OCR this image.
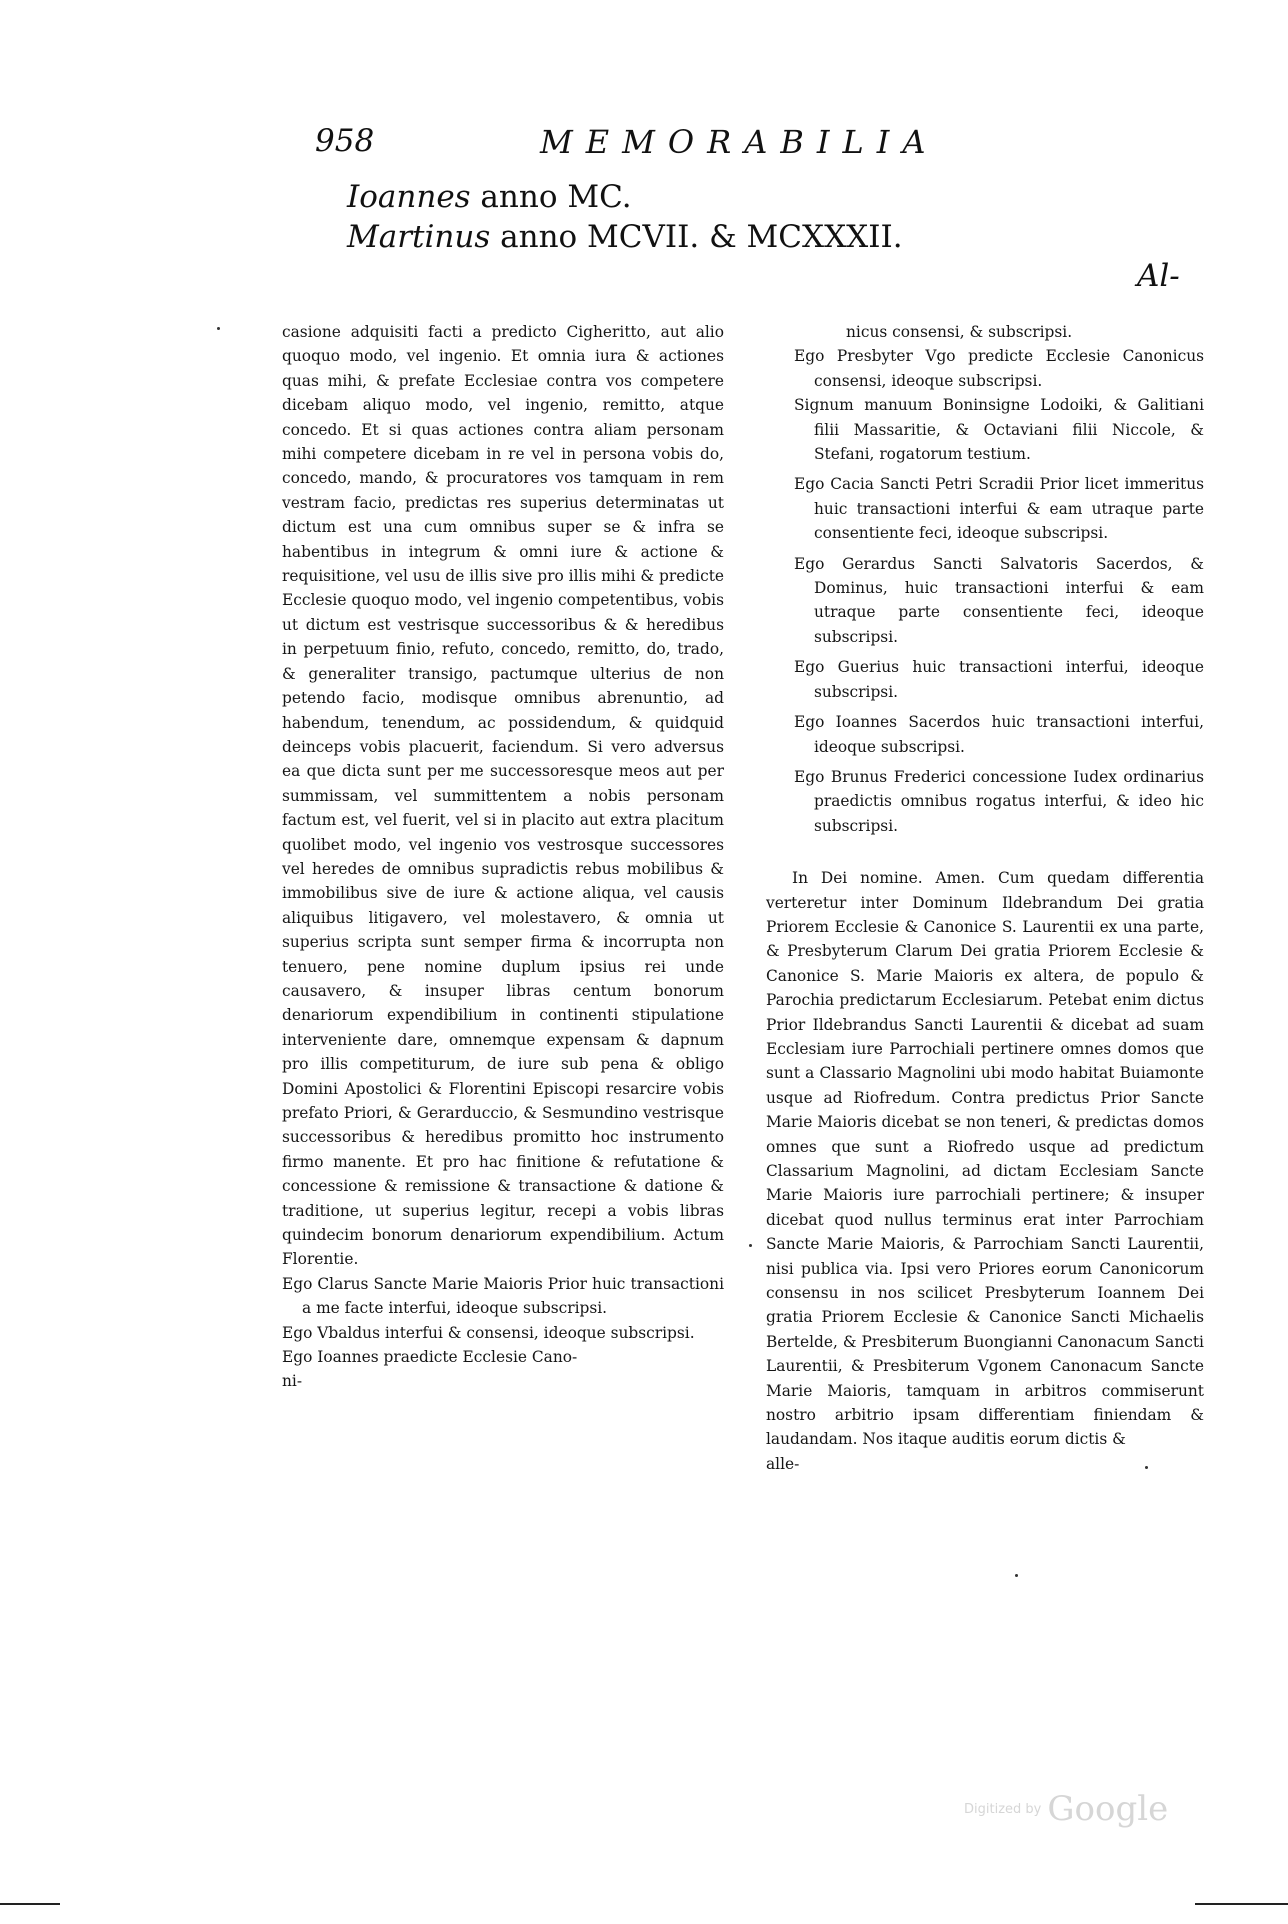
958	MEMORABILIA
Ioannes anno MC.
Martinus anno MCVII. & MCXXXII.
Al-

casione adquisiti facti a predicto Cigheritto, aut alio quoquo modo, vel ingenio. Et omnia iura & actiones quas mihi, & prefate Ecclesiae contra vos competere dicebam aliquo modo, vel ingenio, remitto, atque concedo. Et si quas actiones contra aliam personam mihi competere dicebam in re vel in persona vobis do, concedo, mando, & procuratores vos tamquam in rem vestram facio, predictas res superius determinatas ut dictum est una cum omnibus super se & infra se habentibus in integrum & omni iure & actione & requisitione, vel usu de illis sive pro illis mihi & predicte Ecclesie quoquo modo, vel ingenio competentibus, vobis ut dictum est vestrisque successoribus & & heredibus in perpetuum finio, refuto, concedo, remitto, do, trado, & generaliter transigo, pactumque ulterius de non petendo facio, modisque omnibus abrenuntio, ad habendum, tenendum, ac possidendum, & quidquid deinceps vobis placuerit, faciendum. Si vero adversus ea que dicta sunt per me successoresque meos aut per summissam, vel summittentem a nobis personam factum est, vel fuerit, vel si in placito aut extra placitum quolibet modo, vel ingenio vos vestrosque successores vel heredes de omnibus supradictis rebus mobilibus & immobilibus sive de iure & actione aliqua, vel causis aliquibus litigavero, vel molestavero, & omnia ut superius scripta sunt semper firma & incorrupta non tenuero, pene nomine duplum ipsius rei unde causavero, & insuper libras centum bonorum denariorum expendibilium in continenti stipulatione interveniente dare, omnemque expensam & dapnum pro illis competiturum, de iure sub pena & obligo Domini Apostolici & Florentini Episcopi resarcire vobis prefato Priori, & Gerarduccio, & Sesmundino vestrisque successoribus & heredibus promitto hoc instrumento firmo manente. Et pro hac finitione & refutatione & concessione & remissione & transactione & datione & traditione, ut superius legitur, recepi a vobis libras quindecim bonorum denariorum expendibilium. Actum Florentie.

Ego Clarus Sancte Marie Maioris Prior huic transactioni a me facte interfui, ideoque subscripsi.

Ego Vbaldus interfui & consensi, ideoque subscripsi.

Ego Ioannes praedicte Ecclesie Cano-

ni-

nicus consensi, & subscripsi.

Ego Presbyter Vgo predicte Ecclesie Canonicus consensi, ideoque subscripsi.

Signum manuum Boninsigne Lodoiki, & Galitiani filii Massaritie, & Octaviani filii Niccole, & Stefani, rogatorum testium.

Ego Cacia Sancti Petri Scradii Prior licet immeritus huic transactioni interfui & eam utraque parte consentiente feci, ideoque subscripsi.

Ego Gerardus Sancti Salvatoris Sacerdos, & Dominus, huic transactioni interfui & eam utraque parte consentiente feci, ideoque subscripsi.

Ego Guerius huic transactioni interfui, ideoque subscripsi.

Ego Ioannes Sacerdos huic transactioni interfui, ideoque subscripsi.

Ego Brunus Frederici concessione Iudex ordinarius praedictis omnibus rogatus interfui, & ideo hic subscripsi.

In Dei nomine. Amen. Cum quedam differentia verteretur inter Dominum Ildebrandum Dei gratia Priorem Ecclesie & Canonice S. Laurentii ex una parte, & Presbyterum Clarum Dei gratia Priorem Ecclesie & Canonice S. Marie Maioris ex altera, de populo & Parochia predictarum Ecclesiarum. Petebat enim dictus Prior Ildebrandus Sancti Laurentii & dicebat ad suam Ecclesiam iure Parrochiali pertinere omnes domos que sunt a Classario Magnolini ubi modo habitat Buiamonte usque ad Riofredum. Contra predictus Prior Sancte Marie Maioris dicebat se non teneri, & predictas domos omnes que sunt a Riofredo usque ad predictum Classarium Magnolini, ad dictam Ecclesiam Sancte Marie Maioris iure parrochiali pertinere; & insuper dicebat quod nullus terminus erat inter Parrochiam Sancte Marie Maioris, & Parrochiam Sancti Laurentii, nisi publica via. Ipsi vero Priores eorum Canonicorum consensu in nos scilicet Presbyterum Ioannem Dei gratia Priorem Ecclesie & Canonice Sancti Michaelis Bertelde, & Presbiterum Buongianni Canonacum Sancti Laurentii, & Presbiterum Vgonem Canonacum Sancte Marie Maioris, tamquam in arbitros commiserunt nostro arbitrio ipsam differentiam finiendam & laudandam. Nos itaque auditis eorum dictis &

alle-

Digitized by Google
